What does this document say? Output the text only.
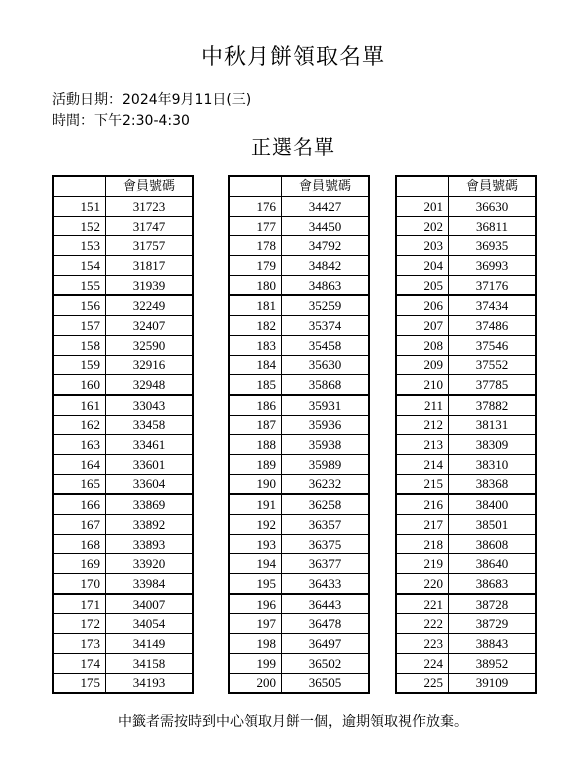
中秋月餅領取名單
活動日期：2024年9月11日(三)
時間：下午2:30-4:30
正選名單
	會員號碼
151	31723
152	31747
153	31757
154	31817
155	31939
156	32249
157	32407
158	32590
159	32916
160	32948
161	33043
162	33458
163	33461
164	33601
165	33604
166	33869
167	33892
168	33893
169	33920
170	33984
171	34007
172	34054
173	34149
174	34158
175	34193
	會員號碼
176	34427
177	34450
178	34792
179	34842
180	34863
181	35259
182	35374
183	35458
184	35630
185	35868
186	35931
187	35936
188	35938
189	35989
190	36232
191	36258
192	36357
193	36375
194	36377
195	36433
196	36443
197	36478
198	36497
199	36502
200	36505
	會員號碼
201	36630
202	36811
203	36935
204	36993
205	37176
206	37434
207	37486
208	37546
209	37552
210	37785
211	37882
212	38131
213	38309
214	38310
215	38368
216	38400
217	38501
218	38608
219	38640
220	38683
221	38728
222	38729
223	38843
224	38952
225	39109
中籤者需按時到中心領取月餅一個，逾期領取視作放棄。
